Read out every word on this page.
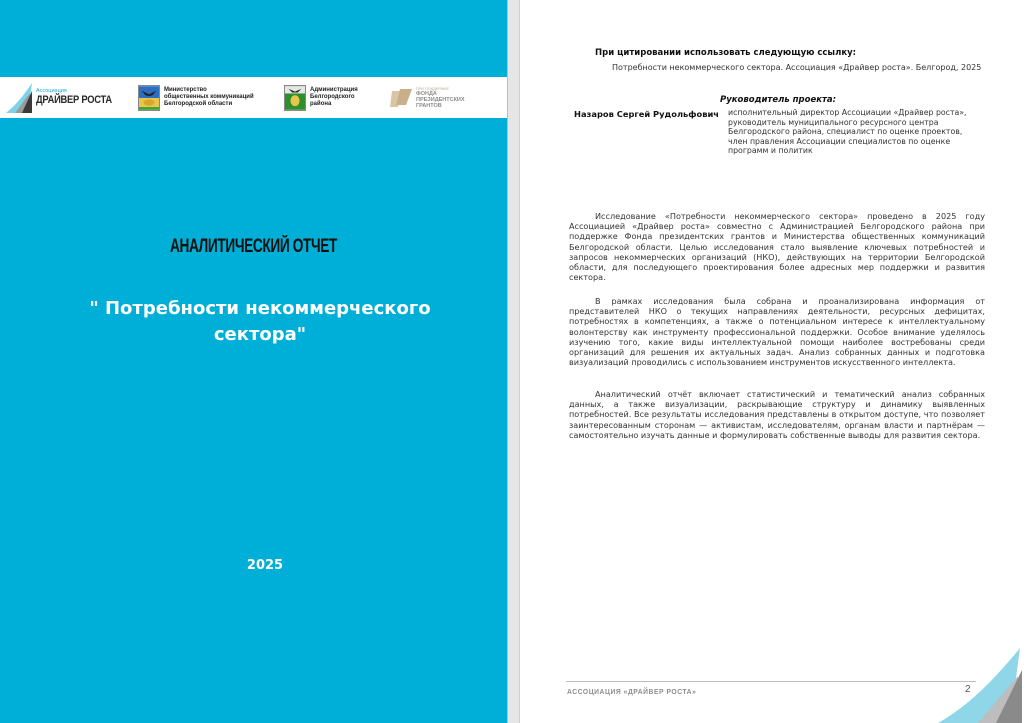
Ассоциация
ДРАЙВЕР РОСТА
Министерство
общественных коммуникаций
Белгородской области
Администрация
Белгородского
района
ПРИ ПОДДЕРЖКЕ
ФОНДА
ПРЕЗИДЕНТСКИХ
ГРАНТОВ
АНАЛИТИЧЕСКИЙ ОТЧЕТ
" Потребности некоммерческого сектора"
2025
При цитировании использовать следующую ссылку:
Потребности некоммерческого сектора. Ассоциация «Драйвер роста». Белгород, 2025
Руководитель проекта:
Назаров Сергей Рудольфович исполнительный директор Ассоциации «Драйвер роста», руководитель муниципального ресурсного центра Белгородского района, специалист по оценке проектов, член правления Ассоциации специалистов по оценке программ и политик
Исследование «Потребности некоммерческого сектора» проведено в 2025 году Ассоциацией «Драйвер роста» совместно с Администрацией Белгородского района при поддержке Фонда президентских грантов и Министерства общественных коммуникаций Белгородской области. Целью исследования стало выявление ключевых потребностей и запросов некоммерческих организаций (НКО), действующих на территории Белгородской области, для последующего проектирования более адресных мер поддержки и развития сектора.
В рамках исследования была собрана и проанализирована информация от представителей НКО о текущих направлениях деятельности, ресурсных дефицитах, потребностях в компетенциях, а также о потенциальном интересе к интеллектуальному волонтерству как инструменту профессиональной поддержки. Особое внимание уделялось изучению того, какие виды интеллектуальной помощи наиболее востребованы среди организаций для решения их актуальных задач. Анализ собранных данных и подготовка визуализаций проводились с использованием инструментов искусственного интеллекта.
Аналитический отчёт включает статистический и тематический анализ собранных данных, а также визуализации, раскрывающие структуру и динамику выявленных потребностей. Все результаты исследования представлены в открытом доступе, что позволяет заинтересованным сторонам — активистам, исследователям, органам власти и партнёрам — самостоятельно изучать данные и формулировать собственные выводы для развития сектора.
АССОЦИАЦИЯ «ДРАЙВЕР РОСТА»	2
